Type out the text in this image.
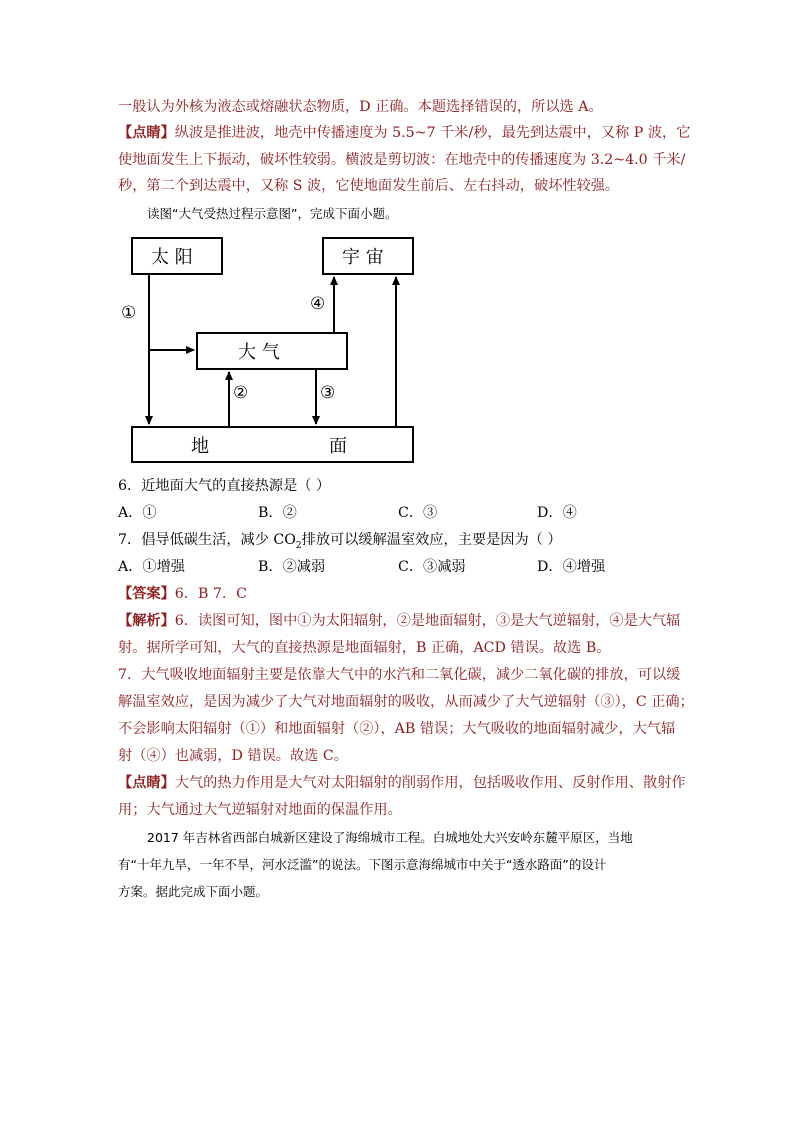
一般认为外核为液态或熔融状态物质，D 正确。本题选择错误的，所以选 A。
【点睛】纵波是推进波，地壳中传播速度为 5.5~7 千米/秒，最先到达震中，又称 P 波，它
使地面发生上下振动，破坏性较弱。横波是剪切波：在地壳中的传播速度为 3.2~4.0 千米/
秒，第二个到达震中，又称 S 波，它使地面发生前后、左右抖动，破坏性较强。
读图“大气受热过程示意图”，完成下面小题。
太 阳	宇 宙
大 气
地	面
①	④
②	③
6．近地面大气的直接热源是（ ）
A．①	B．②	C．③	D．④
7．倡导低碳生活，减少 $CO_2$排放可以缓解温室效应，主要是因为（ ）
A．①增强	B．②减弱	C．③减弱	D．④增强
【答案】6．B 7．C
【解析】6．读图可知，图中①为太阳辐射，②是地面辐射，③是大气逆辐射，④是大气辐
射。据所学可知，大气的直接热源是地面辐射，B 正确，ACD 错误。故选 B。
7．大气吸收地面辐射主要是依靠大气中的水汽和二氧化碳，减少二氧化碳的排放，可以缓
解温室效应，是因为减少了大气对地面辐射的吸收，从而减少了大气逆辐射（③），C 正确；
不会影响太阳辐射（①）和地面辐射（②），AB 错误；大气吸收的地面辐射减少，大气辐
射（④）也减弱，D 错误。故选 C。
【点睛】大气的热力作用是大气对太阳辐射的削弱作用，包括吸收作用、反射作用、散射作
用；大气通过大气逆辐射对地面的保温作用。
2017 年吉林省西部白城新区建设了海绵城市工程。白城地处大兴安岭东麓平原区，当地
有“十年九旱，一年不旱，河水泛滥”的说法。下图示意海绵城市中关于“透水路面”的设计
方案。据此完成下面小题。
